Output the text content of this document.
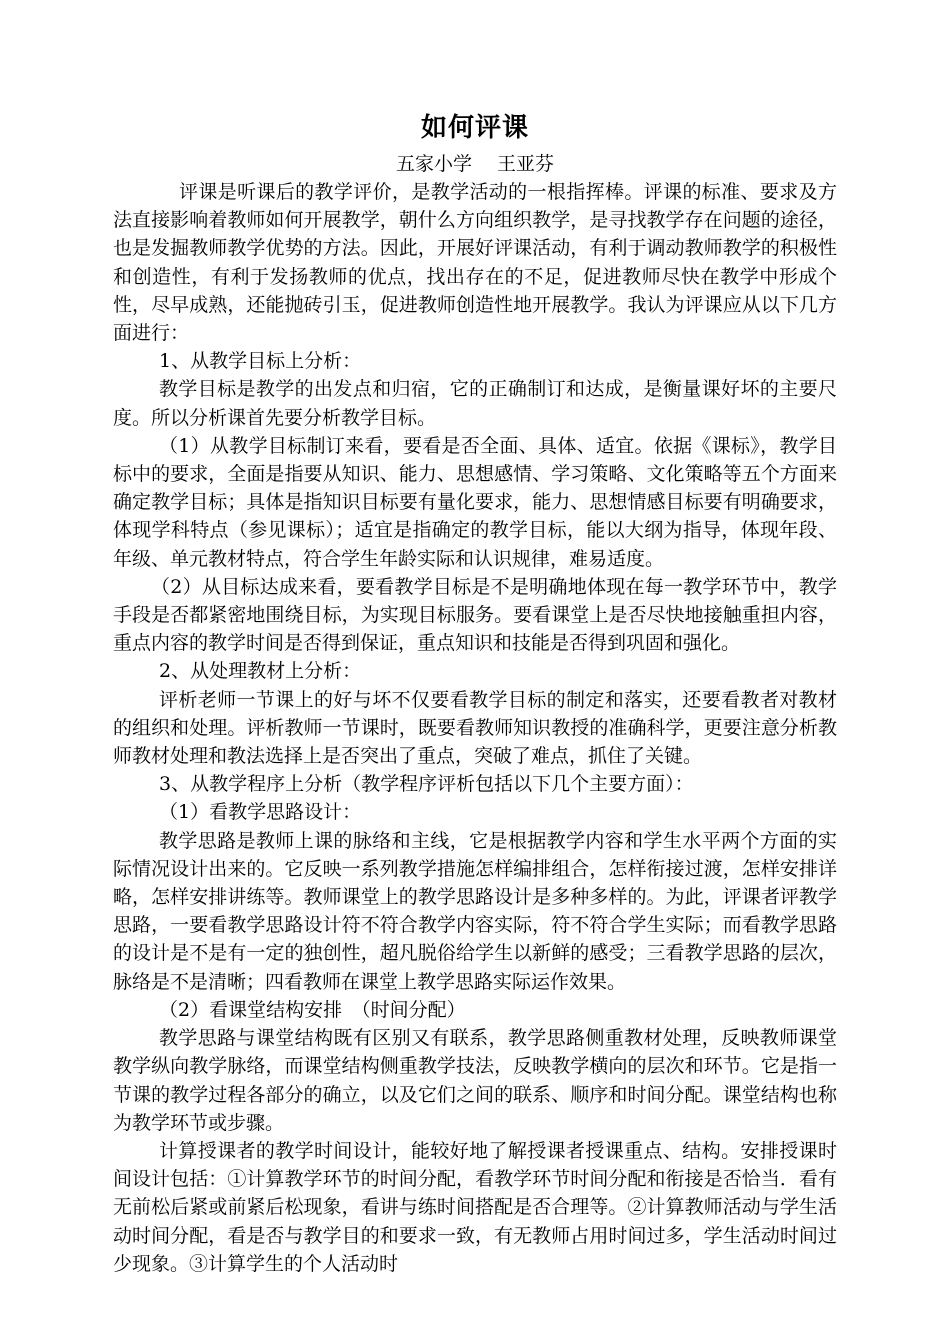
如何评课
五家小学　 王亚芬

评课是听课后的教学评价，是教学活动的一根指挥棒。评课的标准、要求及方法直接影响着教师如何开展教学，朝什么方向组织教学，是寻找教学存在问题的途径，也是发掘教师教学优势的方法。因此，开展好评课活动，有利于调动教师教学的积极性和创造性，有利于发扬教师的优点，找出存在的不足，促进教师尽快在教学中形成个性，尽早成熟，还能抛砖引玉，促进教师创造性地开展教学。我认为评课应从以下几方面进行：

1、从教学目标上分析：

教学目标是教学的出发点和归宿，它的正确制订和达成，是衡量课好坏的主要尺度。所以分析课首先要分析教学目标。

（1）从教学目标制订来看，要看是否全面、具体、适宜。依据《课标》，教学目标中的要求，全面是指要从知识、能力、思想感情、学习策略、文化策略等五个方面来确定教学目标；具体是指知识目标要有量化要求，能力、思想情感目标要有明确要求，体现学科特点（参见课标）；适宜是指确定的教学目标，能以大纲为指导，体现年段、年级、单元教材特点，符合学生年龄实际和认识规律，难易适度。

（2）从目标达成来看，要看教学目标是不是明确地体现在每一教学环节中，教学手段是否都紧密地围绕目标，为实现目标服务。要看课堂上是否尽快地接触重担内容，重点内容的教学时间是否得到保证，重点知识和技能是否得到巩固和强化。

2、从处理教材上分析：

评析老师一节课上的好与坏不仅要看教学目标的制定和落实，还要看教者对教材的组织和处理。评析教师一节课时，既要看教师知识教授的准确科学，更要注意分析教师教材处理和教法选择上是否突出了重点，突破了难点，抓住了关键。

3、从教学程序上分析（教学程序评析包括以下几个主要方面）：

（1）看教学思路设计：

教学思路是教师上课的脉络和主线，它是根据教学内容和学生水平两个方面的实际情况设计出来的。它反映一系列教学措施怎样编排组合，怎样衔接过渡，怎样安排详略，怎样安排讲练等。教师课堂上的教学思路设计是多种多样的。为此，评课者评教学思路，一要看教学思路设计符不符合教学内容实际，符不符合学生实际；而看教学思路的设计是不是有一定的独创性，超凡脱俗给学生以新鲜的感受；三看教学思路的层次，脉络是不是清晰；四看教师在课堂上教学思路实际运作效果。

（2）看课堂结构安排　（时间分配）

教学思路与课堂结构既有区别又有联系，教学思路侧重教材处理，反映教师课堂教学纵向教学脉络，而课堂结构侧重教学技法，反映教学横向的层次和环节。它是指一节课的教学过程各部分的确立，以及它们之间的联系、顺序和时间分配。课堂结构也称为教学环节或步骤。

计算授课者的教学时间设计，能较好地了解授课者授课重点、结构。安排授课时间设计包括：①计算教学环节的时间分配，看教学环节时间分配和衔接是否恰当．看有无前松后紧或前紧后松现象，看讲与练时间搭配是否合理等。②计算教师活动与学生活动时间分配，看是否与教学目的和要求一致，有无教师占用时间过多，学生活动时间过少现象。③计算学生的个人活动时
